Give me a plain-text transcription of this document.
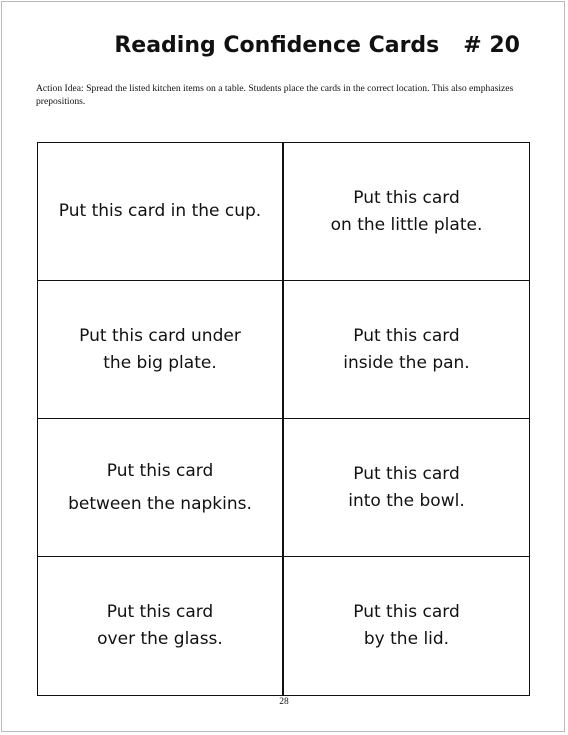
Reading Confidence Cards # 20
Action Idea: Spread the listed kitchen items on a table. Students place the cards in the correct location. This also emphasizes prepositions.
Put this card in the cup.
Put this card
on the little plate.
Put this card under
the big plate.
Put this card
inside the pan.
Put this card
between the napkins.
Put this card
into the bowl.
Put this card
over the glass.
Put this card
by the lid.
28
